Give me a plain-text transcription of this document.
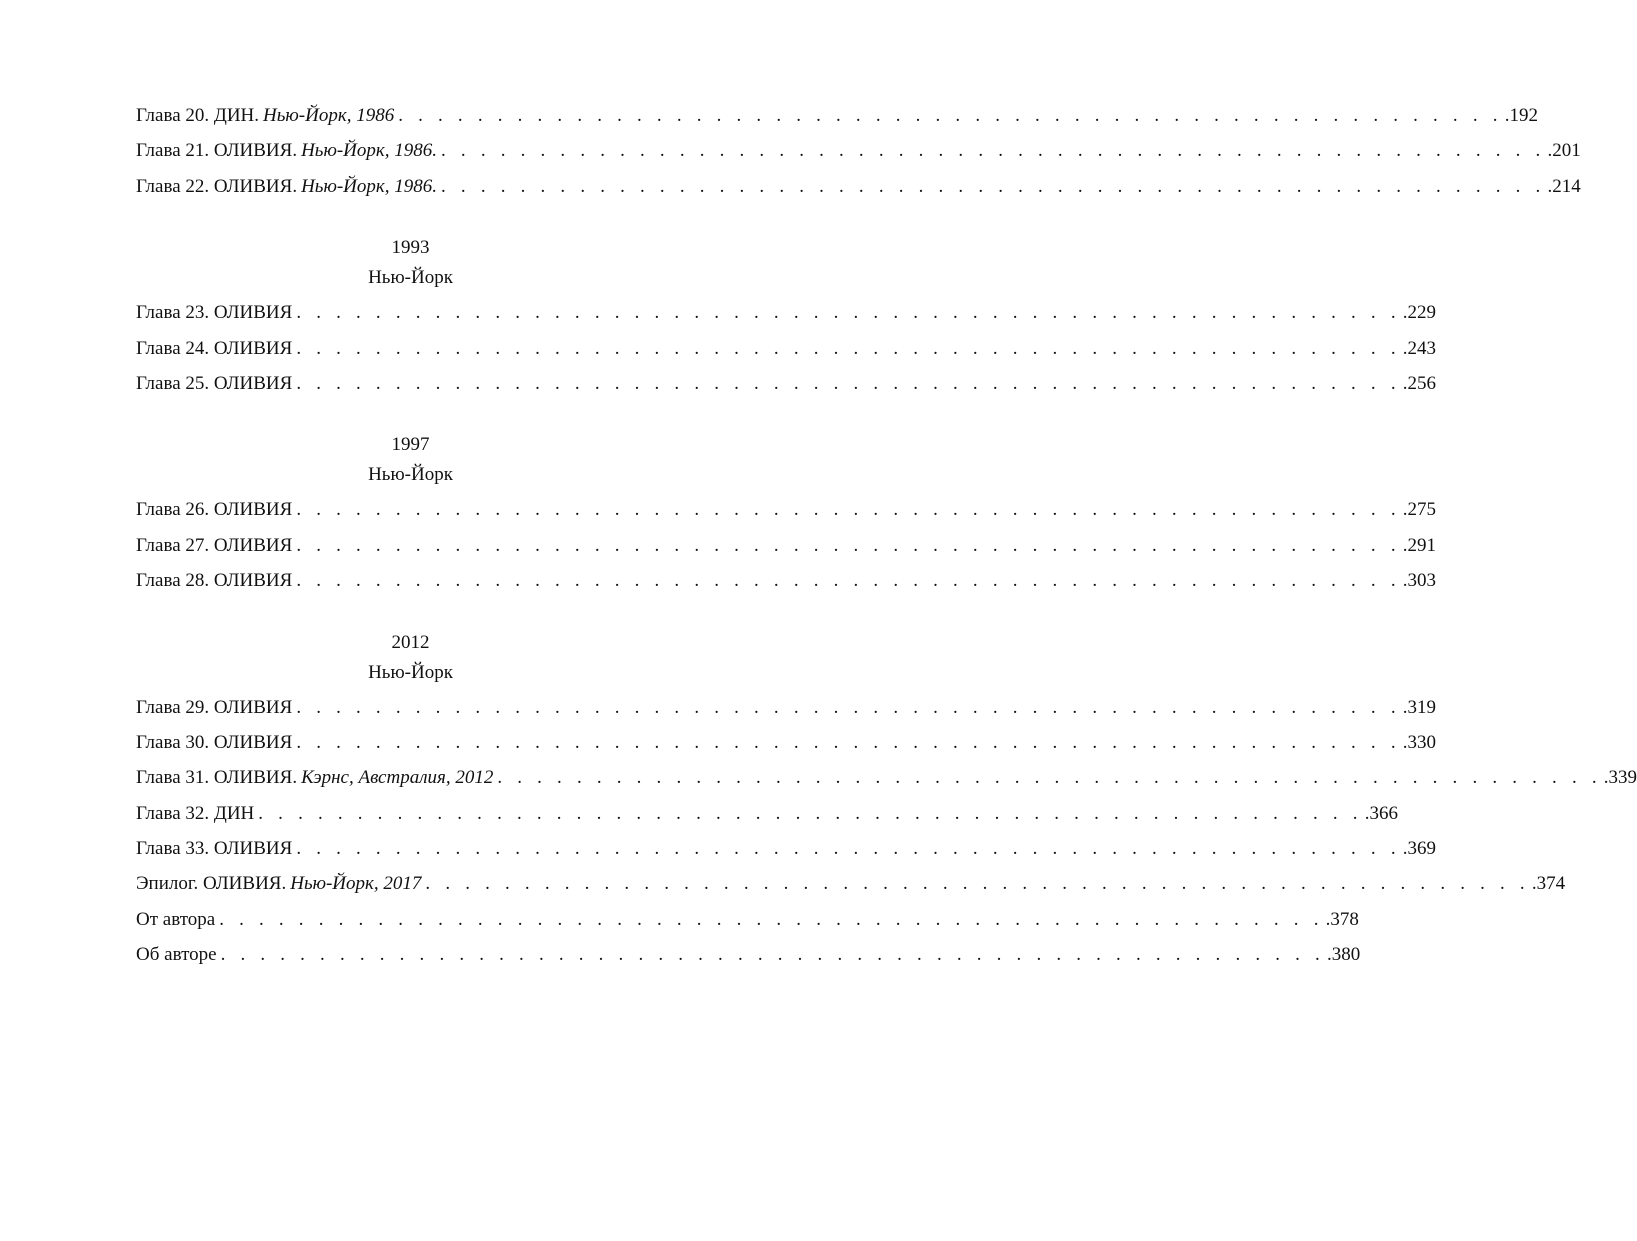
Глава 20. ДИН. Нью-Йорк, 1986 . . . . . . . . . . . . . . . . . . . . . . . . . . . . . . . . . . . . . . . . . . . . . . . . . . . . . . . . .192
Глава 21. ОЛИВИЯ. Нью-Йорк, 1986. . . . . . . . . . . . . . . . . . . . . . . . . . . . . . . . . . . . . . . . . . . . . . . . . . . . . . . . . .201
Глава 22. ОЛИВИЯ. Нью-Йорк, 1986. . . . . . . . . . . . . . . . . . . . . . . . . . . . . . . . . . . . . . . . . . . . . . . . . . . . . . . . . .214
1993
Нью-Йорк
Глава 23. ОЛИВИЯ . . . . . . . . . . . . . . . . . . . . . . . . . . . . . . . . . . . . . . . . . . . . . . . . . . . . . . . . .229
Глава 24. ОЛИВИЯ . . . . . . . . . . . . . . . . . . . . . . . . . . . . . . . . . . . . . . . . . . . . . . . . . . . . . . . . .243
Глава 25. ОЛИВИЯ . . . . . . . . . . . . . . . . . . . . . . . . . . . . . . . . . . . . . . . . . . . . . . . . . . . . . . . . .256
1997
Нью-Йорк
Глава 26. ОЛИВИЯ . . . . . . . . . . . . . . . . . . . . . . . . . . . . . . . . . . . . . . . . . . . . . . . . . . . . . . . . .275
Глава 27. ОЛИВИЯ . . . . . . . . . . . . . . . . . . . . . . . . . . . . . . . . . . . . . . . . . . . . . . . . . . . . . . . . .291
Глава 28. ОЛИВИЯ . . . . . . . . . . . . . . . . . . . . . . . . . . . . . . . . . . . . . . . . . . . . . . . . . . . . . . . . .303
2012
Нью-Йорк
Глава 29. ОЛИВИЯ . . . . . . . . . . . . . . . . . . . . . . . . . . . . . . . . . . . . . . . . . . . . . . . . . . . . . . . . .319
Глава 30. ОЛИВИЯ . . . . . . . . . . . . . . . . . . . . . . . . . . . . . . . . . . . . . . . . . . . . . . . . . . . . . . . . .330
Глава 31. ОЛИВИЯ. Кэрнс, Австралия, 2012 . . . . . . . . . . . . . . . . . . . . . . . . . . . . . . . . . . . . . . . . . . . . . . . . . . . . . . . . .339
Глава 32. ДИН . . . . . . . . . . . . . . . . . . . . . . . . . . . . . . . . . . . . . . . . . . . . . . . . . . . . . . . . .366
Глава 33. ОЛИВИЯ . . . . . . . . . . . . . . . . . . . . . . . . . . . . . . . . . . . . . . . . . . . . . . . . . . . . . . . . .369
Эпилог. ОЛИВИЯ. Нью-Йорк, 2017 . . . . . . . . . . . . . . . . . . . . . . . . . . . . . . . . . . . . . . . . . . . . . . . . . . . . . . . . .374
От автора . . . . . . . . . . . . . . . . . . . . . . . . . . . . . . . . . . . . . . . . . . . . . . . . . . . . . . . . .378
Об авторе . . . . . . . . . . . . . . . . . . . . . . . . . . . . . . . . . . . . . . . . . . . . . . . . . . . . . . . . .380
